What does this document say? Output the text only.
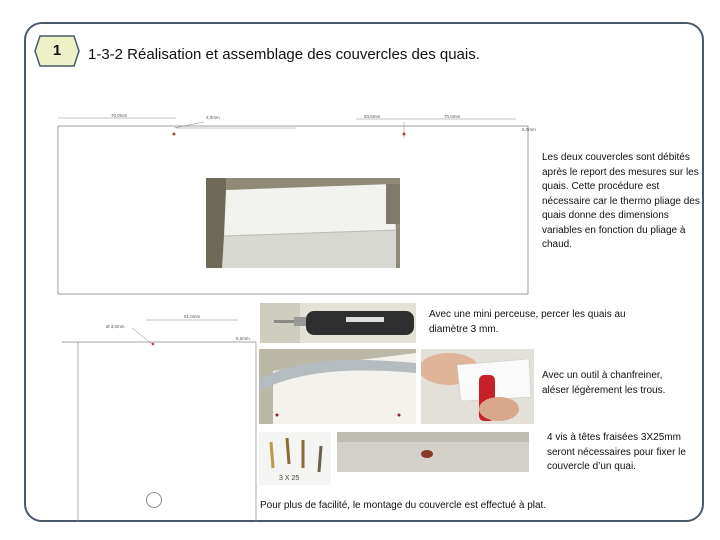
1	1-3-2 Réalisation et assemblage des couvercles des quais.
70,0mm	3,0mm	83,5mm	70,0mm
5,0mm
Les deux couvercles sont débités après le report des mesures sur les quais. Cette procédure est nécessaire car le thermo pliage des quais donne des dimensions variables en fonction du pliage à chaud.
51,0mm
Ø 3,0mm
5,0mm
Avec une mini perceuse, percer les quais au diamètre 3 mm.
Avec un outil à chanfreiner, aléser légèrement les trous.
3 X 25
4 vis à têtes fraisées 3X25mm seront nécessaires pour fixer le couvercle d’un quai.
Pour plus de facilité, le montage du couvercle est effectué à plat.
